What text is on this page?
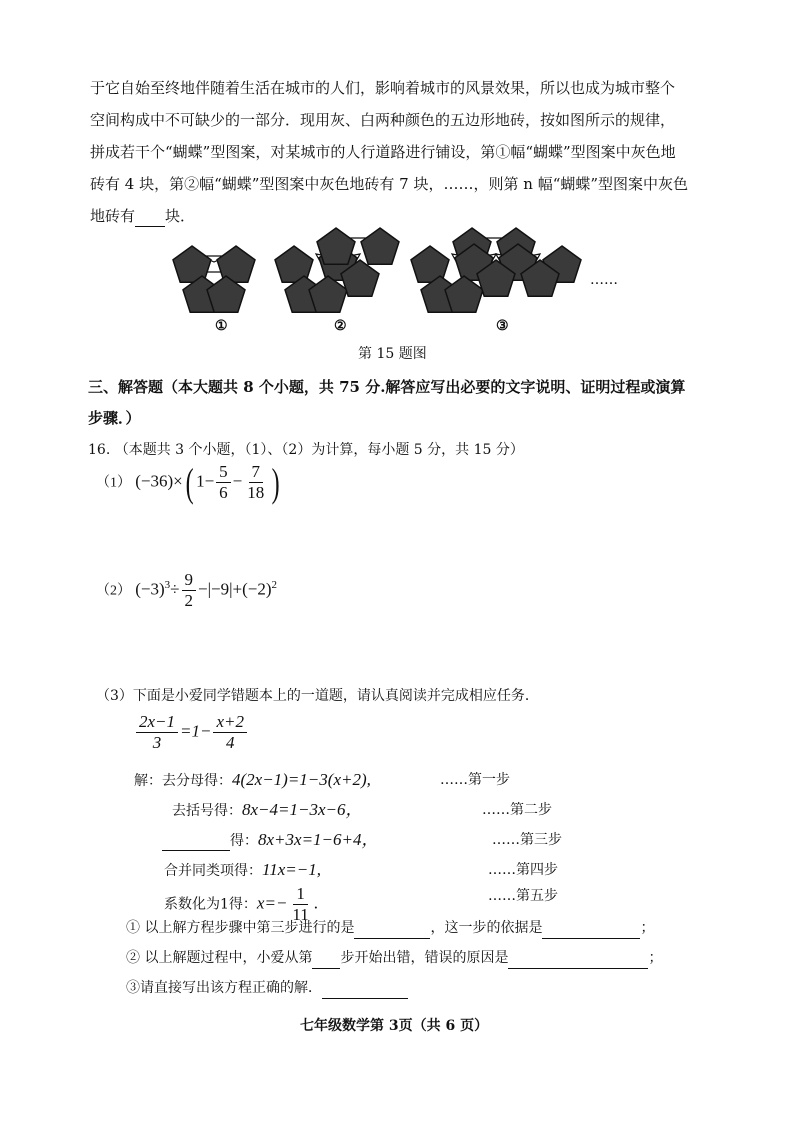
于它自始至终地伴随着生活在城市的人们，影响着城市的风景效果，所以也成为城市整个
空间构成中不可缺少的一部分．现用灰、白两种颜色的五边形地砖，按如图所示的规律，
拼成若干个“蝴蝶”型图案，对某城市的人行道路进行铺设，第①幅“蝴蝶”型图案中灰色地
砖有 4 块，第②幅“蝴蝶”型图案中灰色地砖有 7 块，……，则第 n 幅“蝴蝶”型图案中灰色
地砖有 块．
……
①	②	③
第 15 题图
三、解答题（本大题共 8 个小题，共 75 分.解答应写出必要的文字说明、证明过程或演算
步骤．）
16. （本题共 3 个小题，（1）、（2）为计算，每小题 5 分，共 15 分）
（1） (−36)×( $1- \frac{5}{6} - \frac{7}{18}$ )
（2） $(-3)^3\div \frac{9}{2} -|-9|+(-2)^2$
（3）下面是小爱同学错题本上的一道题，请认真阅读并完成相应任务．
$\frac{2x-1}{3} =1- \frac{x+2}{4}$
解：去分母得：4(2x−1)=1−3(x+2),	……第一步
去括号得：8x−4=1−3x−6，	……第二步
得：8x+3x=1−6+4，	……第三步
合并同类项得：11x=−1,	……第四步
系数化为1得：$x=- \frac{1}{11}$ .	……第五步
① 以上解方程步骤中第三步进行的是	，这一步的依据是	；
② 以上解题过程中，小爱从第 步开始出错，错误的原因是	；
③请直接写出该方程正确的解．
七年级数学第 3页（共 6 页）
